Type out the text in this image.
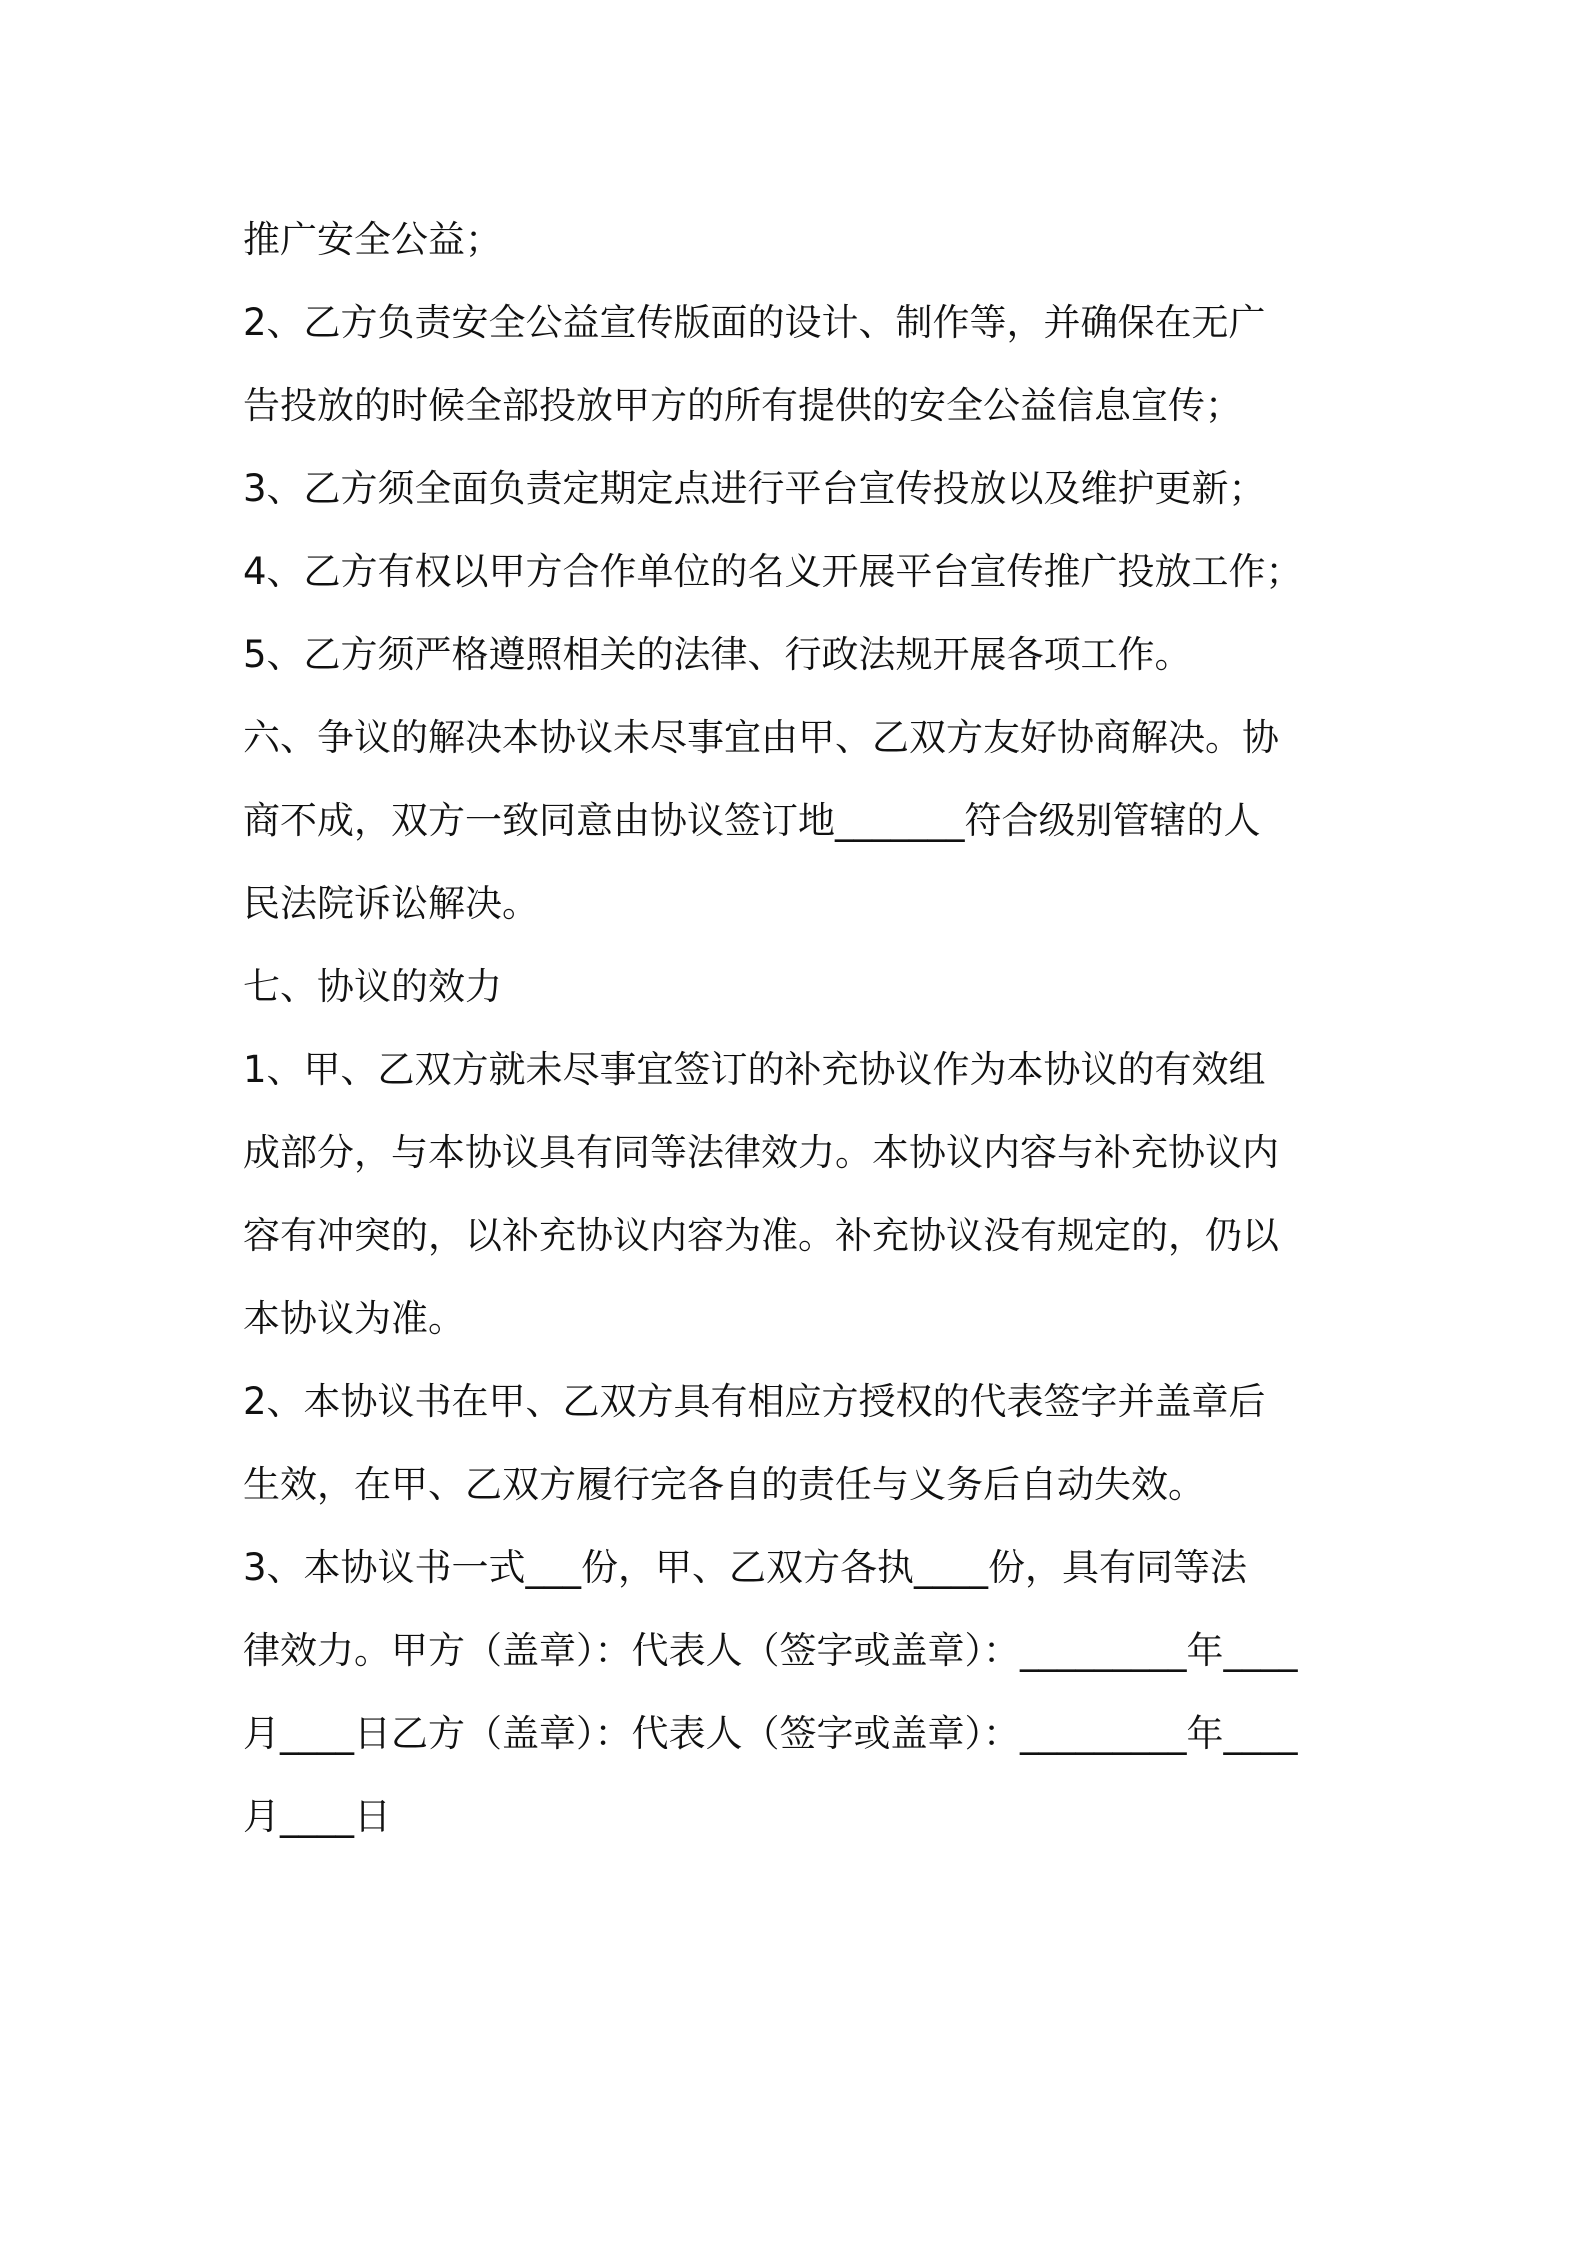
推广安全公益；

2、乙方负责安全公益宣传版面的设计、制作等，并确保在无广

告投放的时候全部投放甲方的所有提供的安全公益信息宣传；

3、乙方须全面负责定期定点进行平台宣传投放以及维护更新；

4、乙方有权以甲方合作单位的名义开展平台宣传推广投放工作；

5、乙方须严格遵照相关的法律、行政法规开展各项工作。

六、争议的解决本协议未尽事宜由甲、乙双方友好协商解决。协

商不成，双方一致同意由协议签订地_______符合级别管辖的人

民法院诉讼解决。

七、协议的效力

1、甲、乙双方就未尽事宜签订的补充协议作为本协议的有效组

成部分，与本协议具有同等法律效力。本协议内容与补充协议内

容有冲突的，以补充协议内容为准。补充协议没有规定的，仍以

本协议为准。

2、本协议书在甲、乙双方具有相应方授权的代表签字并盖章后

生效，在甲、乙双方履行完各自的责任与义务后自动失效。

3、本协议书一式___份，甲、乙双方各执____份，具有同等法

律效力。甲方（盖章）：代表人（签字或盖章）：_________年____

月____日乙方（盖章）：代表人（签字或盖章）：_________年____

月____日
